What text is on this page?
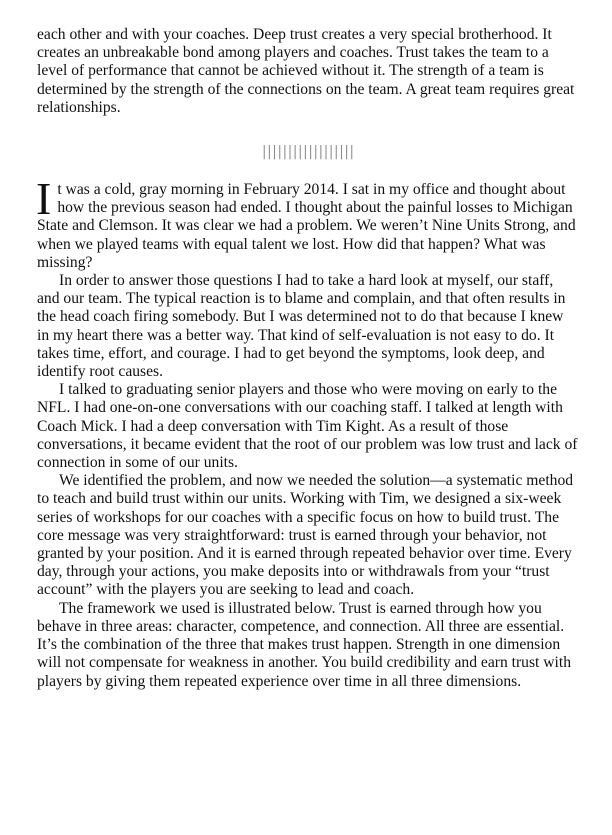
each other and with your coaches. Deep trust creates a very special brotherhood. It creates an unbreakable bond among players and coaches. Trust takes the team to a level of performance that cannot be achieved without it. The strength of a team is determined by the strength of the connections on the team. A great team requires great relationships.

||||||||||||||||||

It was a cold, gray morning in February 2014. I sat in my office and thought about how the previous season had ended. I thought about the painful losses to Michigan State and Clemson. It was clear we had a problem. We weren’t Nine Units Strong, and when we played teams with equal talent we lost. How did that happen? What was missing?

In order to answer those questions I had to take a hard look at myself, our staff, and our team. The typical reaction is to blame and complain, and that often results in the head coach firing somebody. But I was determined not to do that because I knew in my heart there was a better way. That kind of self-evaluation is not easy to do. It takes time, effort, and courage. I had to get beyond the symptoms, look deep, and identify root causes.

I talked to graduating senior players and those who were moving on early to the NFL. I had one-on-one conversations with our coaching staff. I talked at length with Coach Mick. I had a deep conversation with Tim Kight. As a result of those conversations, it became evident that the root of our problem was low trust and lack of connection in some of our units.

We identified the problem, and now we needed the solution—a systematic method to teach and build trust within our units. Working with Tim, we designed a six-week series of workshops for our coaches with a specific focus on how to build trust. The core message was very straightforward: trust is earned through your behavior, not granted by your position. And it is earned through repeated behavior over time. Every day, through your actions, you make deposits into or withdrawals from your “trust account” with the players you are seeking to lead and coach.

The framework we used is illustrated below. Trust is earned through how you behave in three areas: character, competence, and connection. All three are essential. It’s the combination of the three that makes trust happen. Strength in one dimension will not compensate for weakness in another. You build credibility and earn trust with players by giving them repeated experience over time in all three dimensions.
